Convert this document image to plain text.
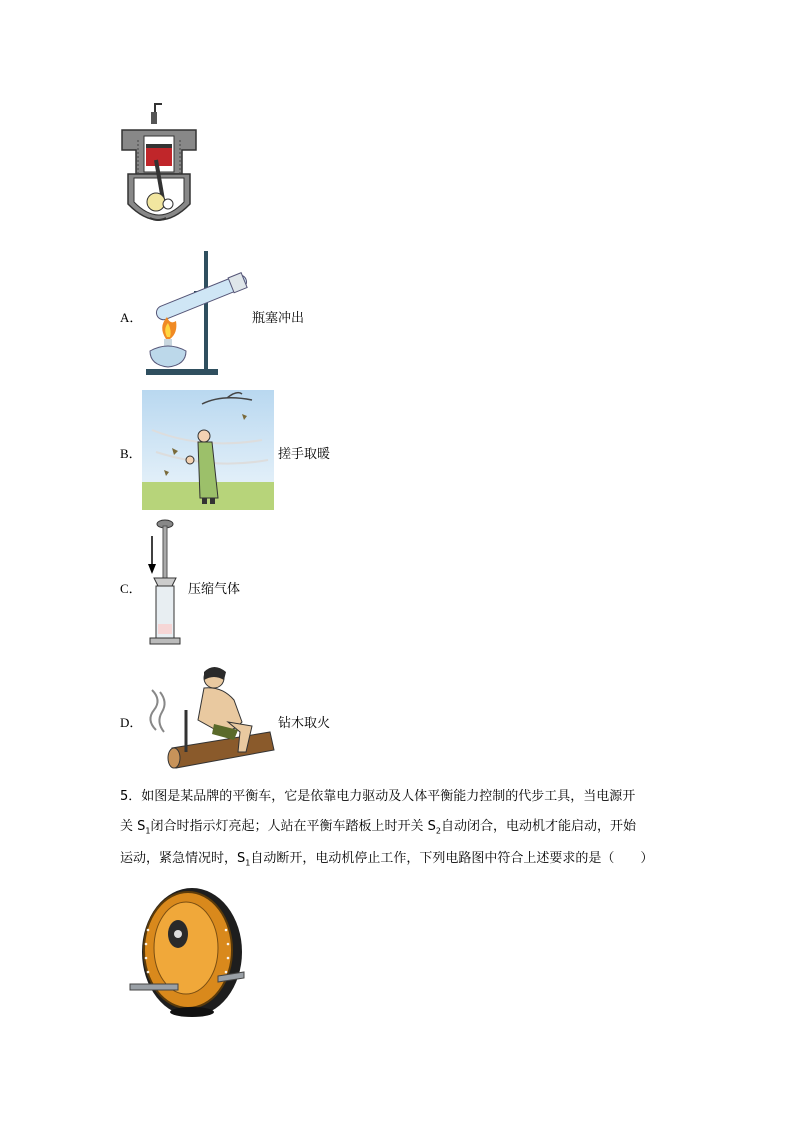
A．	瓶塞冲出
B．	搓手取暖
C．	压缩气体
D．	钻木取火
5．如图是某品牌的平衡车，它是依靠电力驱动及人体平衡能力控制的代步工具，当电源开
关 $S_1$闭合时指示灯亮起；人站在平衡车踏板上时开关 $S_2$自动闭合，电动机才能启动，开始
运动，紧急情况时，$S_1$自动断开，电动机停止工作，下列电路图中符合上述要求的是（　　）
